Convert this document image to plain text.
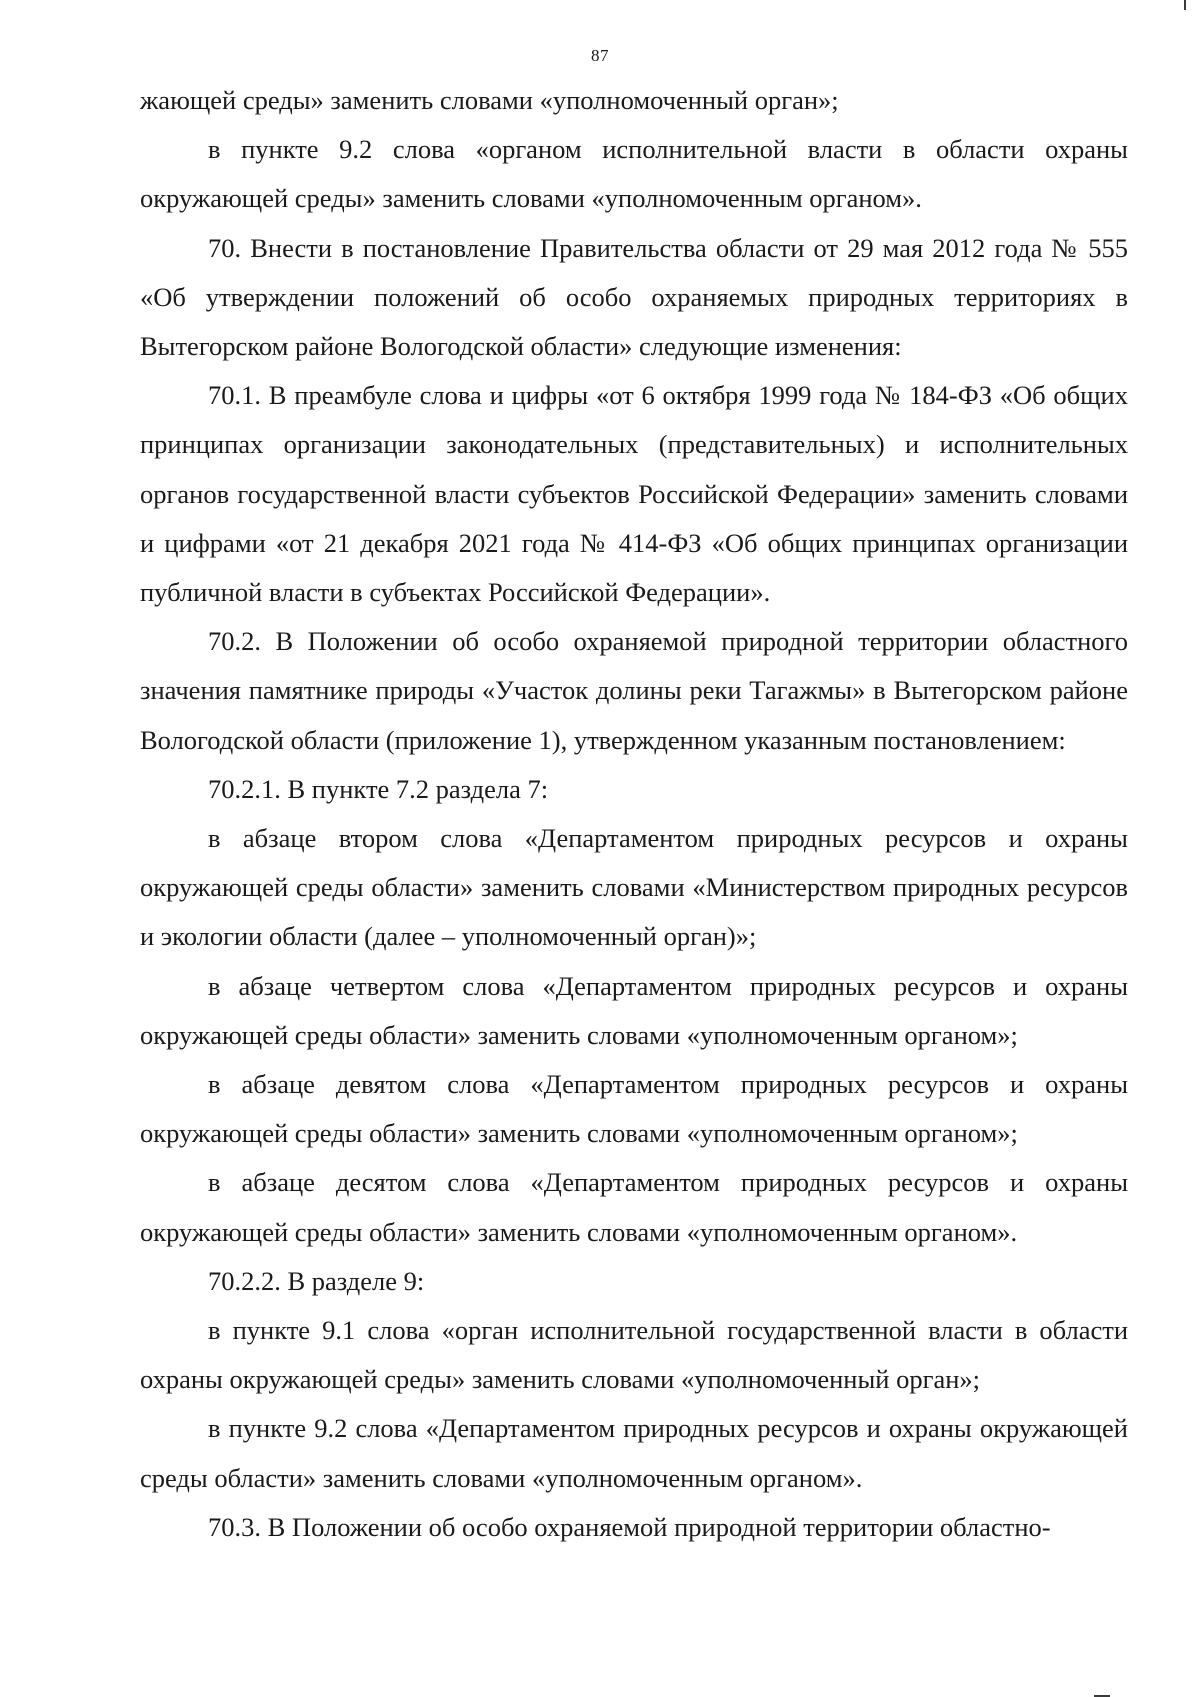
87

жающей среды» заменить словами «уполномоченный орган»;

в пункте 9.2 слова «органом исполнительной власти в области охраны окружающей среды» заменить словами «уполномоченным органом».

70. Внести в постановление Правительства области от 29 мая 2012 года № 555 «Об утверждении положений об особо охраняемых природных территориях в Вытегорском районе Вологодской области» следующие изменения:

70.1. В преамбуле слова и цифры «от 6 октября 1999 года № 184-ФЗ «Об общих принципах организации законодательных (представительных) и исполнительных органов государственной власти субъектов Российской Федерации» заменить словами и цифрами «от 21 декабря 2021 года № 414-ФЗ «Об общих принципах организации публичной власти в субъектах Российской Федерации».

70.2. В Положении об особо охраняемой природной территории областного значения памятнике природы «Участок долины реки Тагажмы» в Вытегорском районе Вологодской области (приложение 1), утвержденном указанным постановлением:

70.2.1. В пункте 7.2 раздела 7:

в абзаце втором слова «Департаментом природных ресурсов и охраны окружающей среды области» заменить словами «Министерством природных ресурсов и экологии области (далее – уполномоченный орган)»;

в абзаце четвертом слова «Департаментом природных ресурсов и охраны окружающей среды области» заменить словами «уполномоченным органом»;

в абзаце девятом слова «Департаментом природных ресурсов и охраны окружающей среды области» заменить словами «уполномоченным органом»;

в абзаце десятом слова «Департаментом природных ресурсов и охраны окружающей среды области» заменить словами «уполномоченным органом».

70.2.2. В разделе 9:

в пункте 9.1 слова «орган исполнительной государственной власти в области охраны окружающей среды» заменить словами «уполномоченный орган»;

в пункте 9.2 слова «Департаментом природных ресурсов и охраны окружающей среды области» заменить словами «уполномоченным органом».

70.3. В Положении об особо охраняемой природной территории областно-
